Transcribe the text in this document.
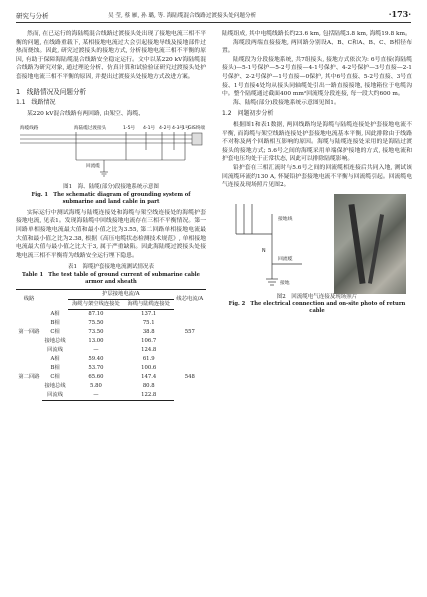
研究与分析	吴 莹, 蔡 雁, 孙 璐, 等. 海陆缆混合线路过渡接头处问题分析	·173·

然而, 在已运行的海陆缆混合线路过渡接头处出现了接地电流三相不平衡的问题, 在线路重载下, 某相接地电流过大会引起接地导线及接地部件过热而烧蚀。因此, 研究过渡接头的接地方式, 分析接地电流三相不平衡的原因, 有助于保障海陆缆混合线路安全稳定运行。文中以某220 kV海陆缆混合线路为研究对象, 通过理论分析、仿真计算和试验验证研究过渡接头处护套接地电流三相不平衡的原因, 并提出过渡接头处接地方式改进方案。

1　线路情况及问题分析
1.1　线路情况

某220 kV混合线路有两回路, 由架空、海缆、

海缆线路	海陆缆过渡接头	1-5号 4-1号 4-2号 4-3号
1号
GIS终端
回流缆
图1　海、陆缆(部分)段接地系统示意图
Fig. 1　The schematic diagram of grounding system of submarine and land cable in part

实际运行中测试海缆与陆缆连接处和海缆与架空线连接处的海缆护套接地电流, 见表1。发现海陆缆中回线接地电流存在三相不平衡情况。第一回路单相接地电流最大值和最小值之比为3.55, 第二回路单相接地电流最大值和最小值之比为2.38, 根据《高压电缆状态检测技术规范》, 单相接地电流最大值与最小值之比大于3, 属于严重缺陷。因此海陆缆过渡接头处接地电流三相不平衡将为线路安全运行埋下隐患。

表1　海缆护套接地电流测试情况表
Table 1　The test table of ground current of submarine cable armor and sheath
线路		护层接地电流/A		线芯电流/A
		海缆与架空线连接处	海缆与陆缆连接处	
第一回路	A相	87.10	137.1	557
	B相	75.50	75.1	
	C相	73.50	38.8	
	接地总线	13.00	106.7	
	回流线	—	124.8	
第二回路	A相	59.40	61.9	548
	B相	53.70	100.6	
	C相	65.60	147.4	
	接地总线	5.80	80.8	
	回流线	—	122.8	

陆缆组成, 其中电缆线路长约23.6 km, 包括陆缆3.8 km, 海缆19.8 km。

海缆段两端直接接地, 两回路分别设A、B、C和A、B、C、B相径布置。

陆缆段为分段接地系统, 共7组接头, 接地方式依次为: 6号直接(海陆缆接头)—5-1号保护—5-2号直接—4-1号保护、4-2号保护—3号直接—2-1号保护、2-2号保护—1号直接—0保护, 其中6号直接、5-2号直接、3号直接、1号直接4处均从接头同轴缆处引出一路直接接地, 接地箱位于电缆沟中。整个陆缆通过截面400 mm²回流缆分段连接, 每一段大约600 m。

海、陆缆(部分)段接地系统示意图见图1。

1.2　问题初步分析

根据图1和表1数据, 两回线路均是海缆与陆缆连接处护套接地电流不平衡, 而海缆与架空线路连接处护套接地电流基本平衡, 因此排除由于线路不对称及两个回路相互影响的原因。海缆与陆缆连接处采用的是海陆过渡接头的接地方式; 5.6号之间的海缆采用单端保护接地的方式, 接地电流和护套电压均处于正常状态, 因此可以排除陆缆影响。

铅护套在三相汇流时与5.6号之间的回流缆相连接后共同入地, 测试该回流缆环流约130 A, 怀疑铅护套接地电流不平衡与回流缆引起。回流缆电气连接及现场照片见图2。

接地线
回流缆
N
接地
图2　回流缆电气连接及现场照片
Fig. 2　The electrical connection and on-site photo of return cable
